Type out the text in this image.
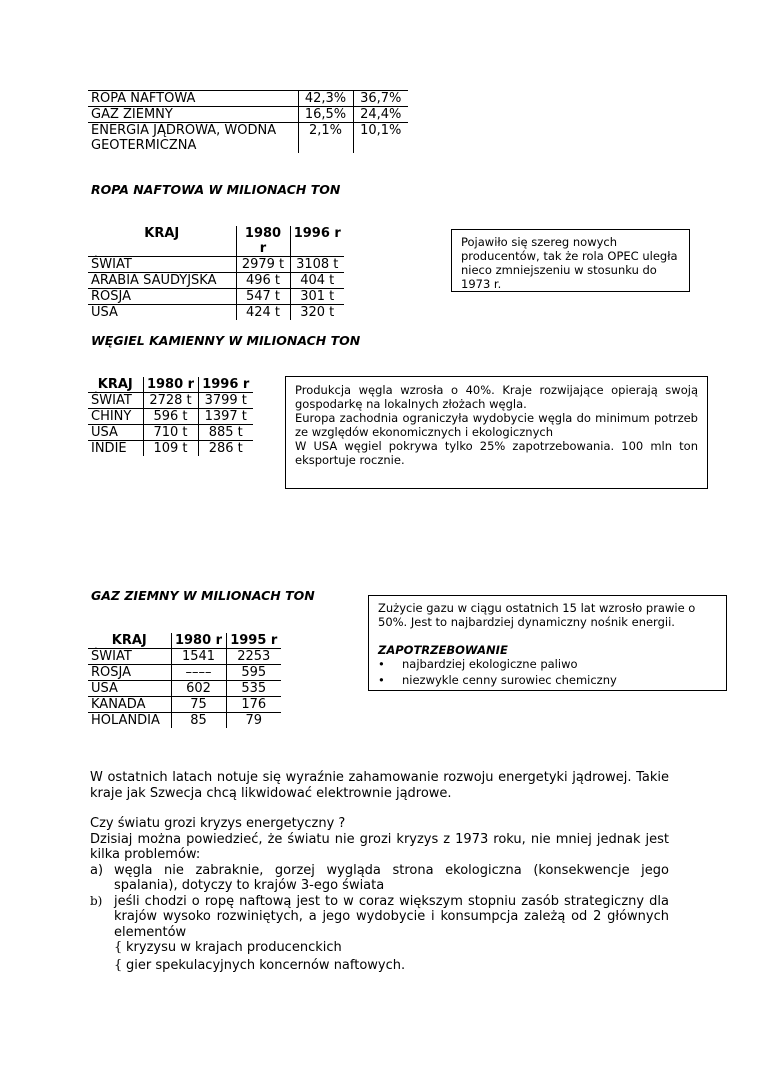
ROPA NAFTOWA	42,3%	36,7%
GAZ ZIEMNY	16,5%	24,4%
ENERGIA JĄDROWA, WODNA GEOTERMICZNA	2,1%	10,1%
ROPA NAFTOWA W MILIONACH TON
KRAJ	1980 r	1996 r
ŚWIAT	2979 t	3108 t
ARABIA SAUDYJSKA	496 t	404 t
ROSJA	547 t	301 t
USA	424 t	320 t
Pojawiło się szereg nowych producentów, tak że rola OPEC uległa nieco zmniejszeniu w stosunku do 1973 r.
WĘGIEL KAMIENNY W MILIONACH TON
KRAJ	1980 r	1996 r
ŚWIAT	2728 t	3799 t
CHINY	596 t	1397 t
USA	710 t	885 t
INDIE	109 t	286 t
Produkcja węgla wzrosła o 40%. Kraje rozwijające opierają swoją gospodarkę na lokalnych złożach węgla.
Europa zachodnia ograniczyła wydobycie węgla do minimum potrzeb ze względów ekonomicznych i ekologicznych
W USA węgiel pokrywa tylko 25% zapotrzebowania. 100 mln ton eksportuje rocznie.
GAZ ZIEMNY W MILIONACH TON
KRAJ	1980 r	1995 r
ŚWIAT	1541	2253
ROSJA	––––	595
USA	602	535
KANADA	75	176
HOLANDIA	85	79
Zużycie gazu w ciągu ostatnich 15 lat wzrosło prawie o 50%. Jest to najbardziej dynamiczny nośnik energii.
ZAPOTRZEBOWANIE
•	najbardziej ekologiczne paliwo
•	niezwykle cenny surowiec chemiczny
W ostatnich latach notuje się wyraźnie zahamowanie rozwoju energetyki jądrowej. Takie kraje jak Szwecja chcą likwidować elektrownie jądrowe.
Czy światu grozi kryzys energetyczny ?
Dzisiaj można powiedzieć, że światu nie grozi kryzys z 1973 roku, nie mniej jednak jest kilka problemów:
a) węgla nie zabraknie, gorzej wygląda strona ekologiczna (konsekwencje jego spalania), dotyczy to krajów 3-ego świata
b) jeśli chodzi o ropę naftową jest to w coraz większym stopniu zasób strategiczny dla krajów wysoko rozwiniętych, a jego wydobycie i konsumpcja zależą od 2 głównych elementów
{ kryzysu w krajach producenckich
{ gier spekulacyjnych koncernów naftowych.
